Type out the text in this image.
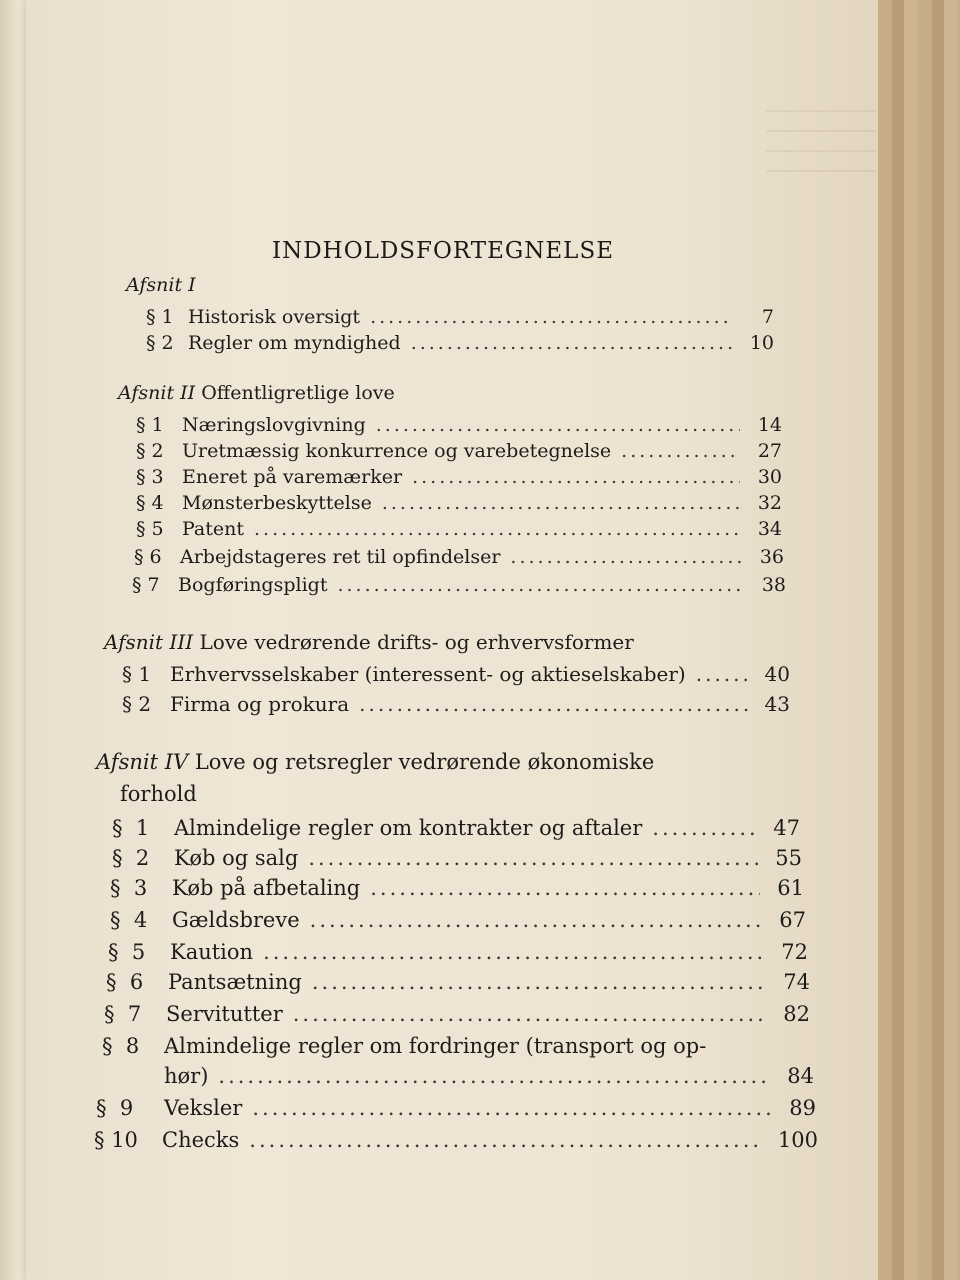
INDHOLDSFORTEGNELSE
Afsnit I
§ 1 Historisk oversigt .....	7
§ 2 Regler om myndighed .....	10
Afsnit II Offentligretlige love
§ 1 Næringslovgivning .....	14
§ 2 Uretmæssig konkurrence og varebetegnelse .....	27
§ 3 Eneret på varemærker .....	30
§ 4 Mønsterbeskyttelse .....	32
§ 5 Patent .....	34
§ 6 Arbejdstageres ret til opfindelser .....	36
§ 7 Bogføringspligt .....	38
Afsnit III Love vedrørende drifts- og erhvervsformer
§ 1 Erhvervsselskaber (interessent- og aktieselskaber) .....	40
§ 2 Firma og prokura .....	43
Afsnit IV Love og retsregler vedrørende økonomiske
forhold
§ 1	Almindelige regler om kontrakter og aftaler .....	47
§ 2	Køb og salg .....	55
§ 3	Køb på afbetaling .....	61
§ 4	Gældsbreve .....	67
§ 5	Kaution .....	72
§ 6	Pantsætning .....	74
§ 7	Servitutter .....	82
§ 8	Almindelige regler om fordringer (transport og op-
hør) .....	84
§ 9	Veksler .....	89
§ 10	Checks .....	100
